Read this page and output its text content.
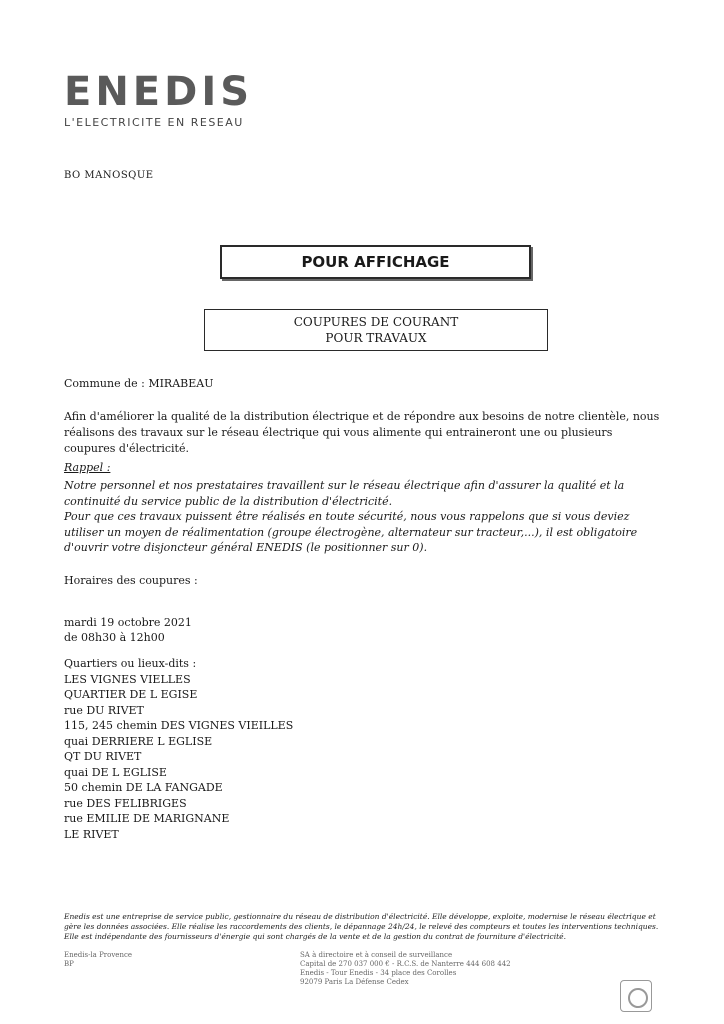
ENEDIS
L'ELECTRICITE EN RESEAU
BO MANOSQUE
POUR AFFICHAGE
COUPURES DE COURANT
POUR TRAVAUX
Commune de : MIRABEAU
Afin d'améliorer la qualité de la distribution électrique et de répondre aux besoins de notre clientèle, nous réalisons des travaux sur le réseau électrique qui vous alimente qui entraineront une ou plusieurs coupures d'électricité.
Rappel :
Notre personnel et nos prestataires travaillent sur le réseau électrique afin d'assurer la qualité et la continuité du service public de la distribution d'électricité.
Pour que ces travaux puissent être réalisés en toute sécurité, nous vous rappelons que si vous deviez utiliser un moyen de réalimentation (groupe électrogène, alternateur sur tracteur,...), il est obligatoire d'ouvrir votre disjoncteur général ENEDIS (le positionner sur 0).
Horaires des coupures :
mardi 19 octobre 2021
de 08h30 à 12h00
Quartiers ou lieux-dits :
LES VIGNES VIELLES
QUARTIER DE L EGISE
rue DU RIVET
115, 245 chemin DES VIGNES VIEILLES
quai DERRIERE L EGLISE
QT DU RIVET
quai DE L EGLISE
50 chemin DE LA FANGADE
rue DES FELIBRIGES
rue EMILIE DE MARIGNANE
LE RIVET
Enedis est une entreprise de service public, gestionnaire du réseau de distribution d'électricité. Elle développe, exploite, modernise le réseau électrique et gère les données associées. Elle réalise les raccordements des clients, le dépannage 24h/24, le relevé des compteurs et toutes les interventions techniques. Elle est indépendante des fournisseurs d'énergie qui sont chargés de la vente et de la gestion du contrat de fourniture d'électricité.
Enedis-la Provence
BP
SA à directoire et à conseil de surveillance
Capital de 270 037 000 € - R.C.S. de Nanterre 444 608 442
Enedis - Tour Enedis - 34 place des Corolles
92079 Paris La Défense Cedex
